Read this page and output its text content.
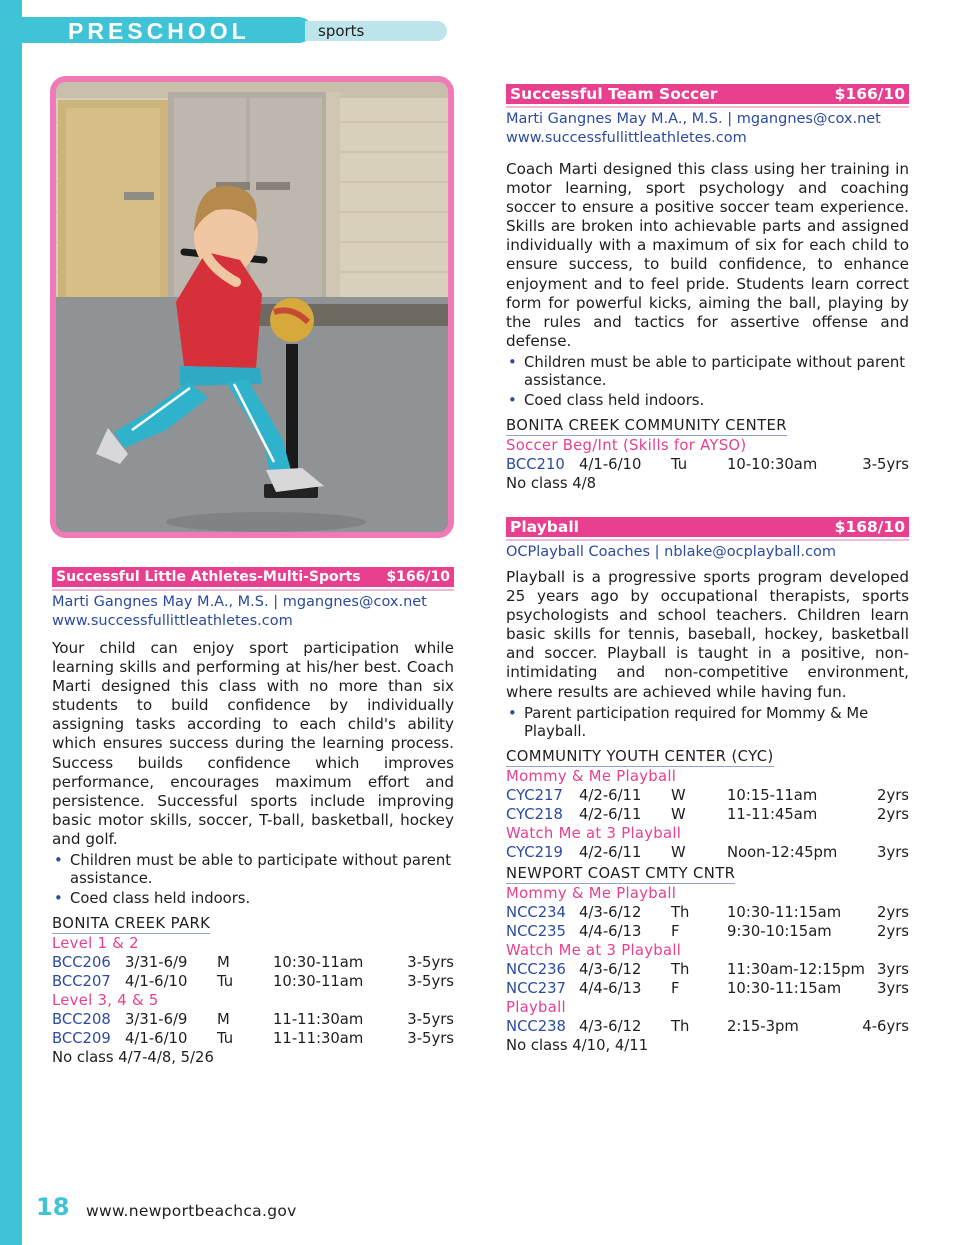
PRESCHOOL	sports
Successful Little Athletes-Multi-Sports $166/10
Marti Gangnes May M.A., M.S. | mgangnes@cox.net
www.successfullittleathletes.com
Your child can enjoy sport participation while learning skills and performing at his/her best. Coach Marti designed this class with no more than six students to build confidence by individually assigning tasks according to each child's ability which ensures success during the learning process. Success builds confidence which improves performance, encourages maximum effort and persistence. Successful sports include improving basic motor skills, soccer, T-ball, basketball, hockey and golf.
• Children must be able to participate without parent assistance.
• Coed class held indoors.
BONITA CREEK PARK
Level 1 & 2
BCC206 3/31-6/9	M	10:30-11am	3-5yrs
BCC207 4/1-6/10	Tu	10:30-11am	3-5yrs
Level 3, 4 & 5
BCC208 3/31-6/9	M	11-11:30am	3-5yrs
BCC209 4/1-6/10	Tu	11-11:30am	3-5yrs
No class 4/7-4/8, 5/26
Successful Team Soccer	$166/10
Marti Gangnes May M.A., M.S. | mgangnes@cox.net
www.successfullittleathletes.com
Coach Marti designed this class using her training in motor learning, sport psychology and coaching soccer to ensure a positive soccer team experience. Skills are broken into achievable parts and assigned individually with a maximum of six for each child to ensure success, to build confidence, to enhance enjoyment and to feel pride. Students learn correct form for powerful kicks, aiming the ball, playing by the rules and tactics for assertive offense and defense.
• Children must be able to participate without parent assistance.
• Coed class held indoors.
BONITA CREEK COMMUNITY CENTER
Soccer Beg/Int (Skills for AYSO)
BCC210 4/1-6/10	Tu	10-10:30am	3-5yrs
No class 4/8
Playball	$168/10
OCPlayball Coaches | nblake@ocplayball.com
Playball is a progressive sports program developed 25 years ago by occupational therapists, sports psychologists and school teachers. Children learn basic skills for tennis, baseball, hockey, basketball and soccer. Playball is taught in a positive, non-intimidating and non-competitive environment, where results are achieved while having fun.
• Parent participation required for Mommy & Me Playball.
COMMUNITY YOUTH CENTER (CYC)
Mommy & Me Playball
CYC217	4/2-6/11	W	10:15-11am	2yrs
CYC218	4/2-6/11	W	11-11:45am	2yrs
Watch Me at 3 Playball
CYC219	4/2-6/11	W	Noon-12:45pm	3yrs
NEWPORT COAST CMTY CNTR
Mommy & Me Playball
NCC234 4/3-6/12	Th	10:30-11:15am	2yrs
NCC235 4/4-6/13	F	9:30-10:15am	2yrs
Watch Me at 3 Playball
NCC236 4/3-6/12	Th	11:30am-12:15pm 3yrs
NCC237 4/4-6/13	F	10:30-11:15am	3yrs
Playball
NCC238 4/3-6/12	Th	2:15-3pm	4-6yrs
No class 4/10, 4/11
18 www.newportbeachca.gov
